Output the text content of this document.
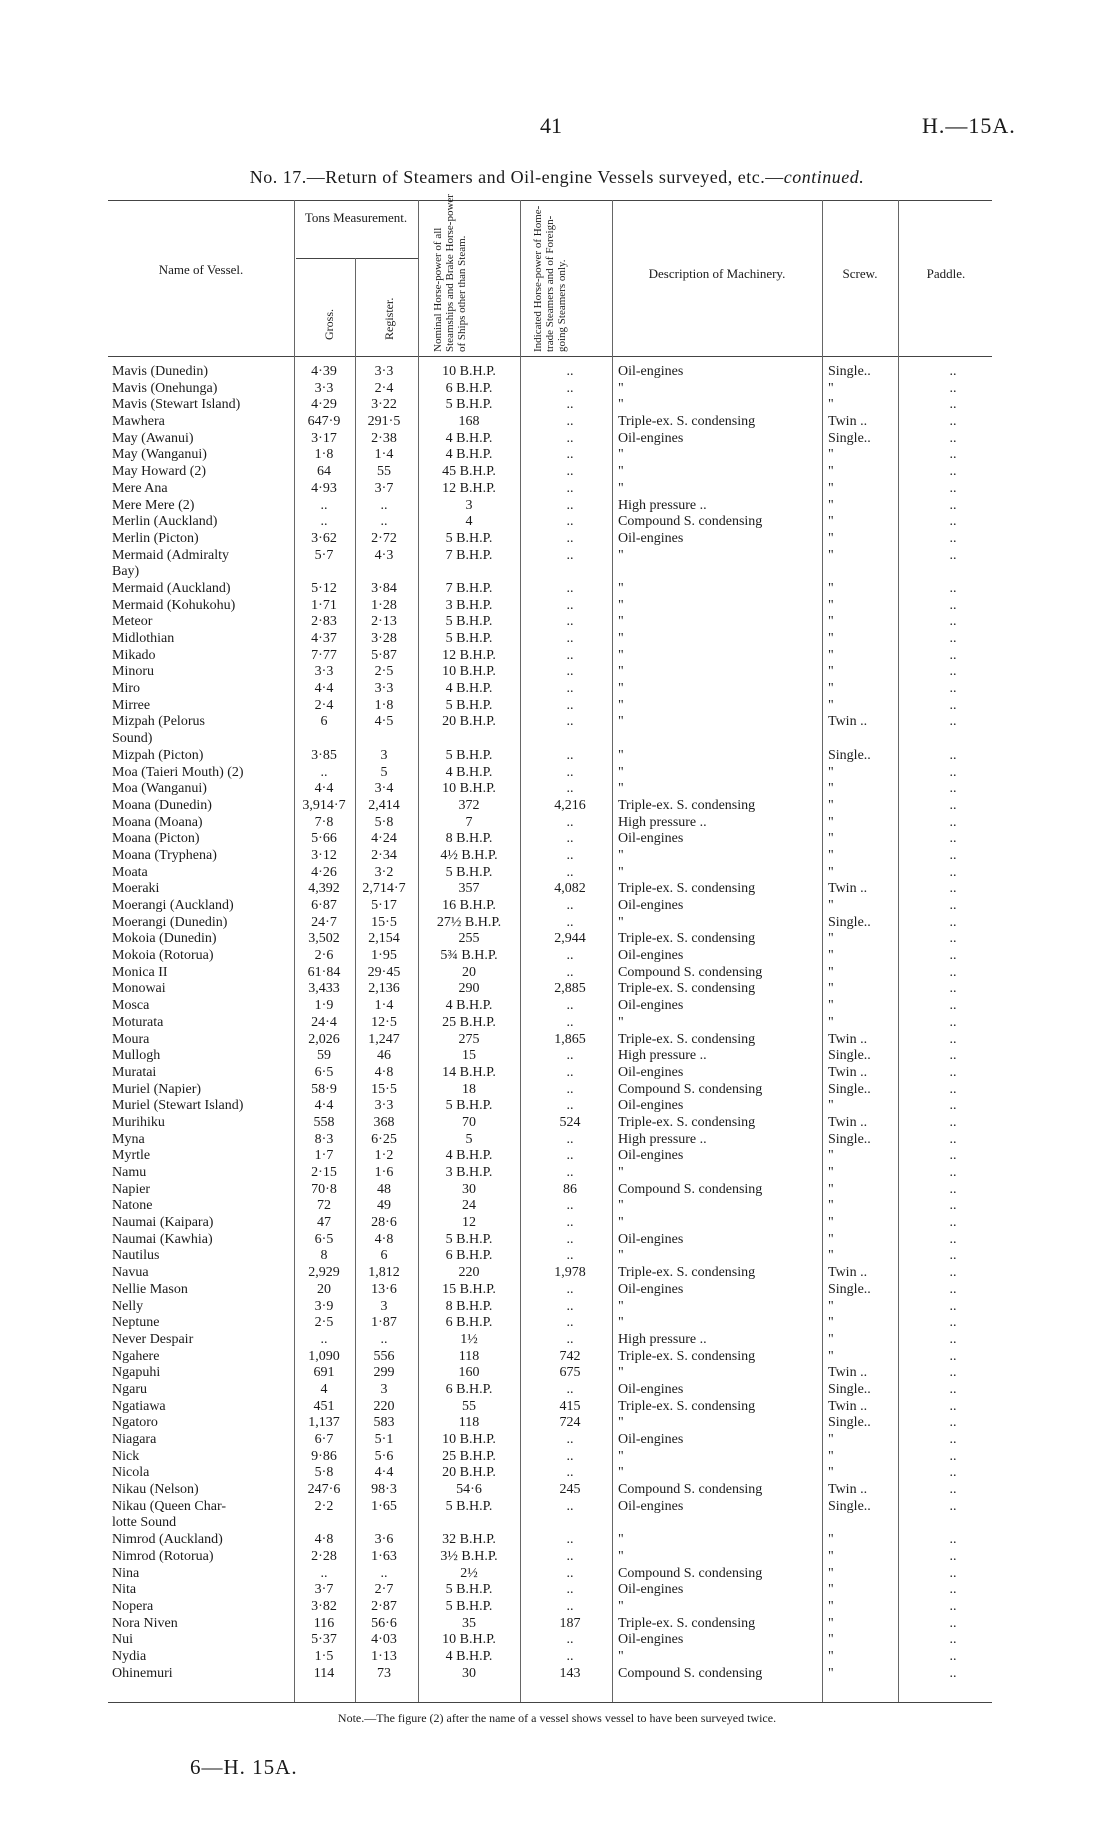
41	H.—15A.
No. 17.—Return of Steamers and Oil-engine Vessels surveyed, etc.—continued.
Name of Vessel.
Tons Measurement.
Gross.	Register.	Nominal Horse-power of all Steamships and Brake Horse-power of Ships other than Steam.	Indicated Horse-power of Home-trade Steamers and of Foreign-going Steamers only.	Description of Machinery.	Screw.	Paddle.
Mavis (Dunedin)	4·39	3·3	10 B.H.P.	..	Oil-engines	Single..	..
Mavis (Onehunga)	3·3	2·4	6 B.H.P.	..	"	"	..
Mavis (Stewart Island)	4·29	3·22	5 B.H.P.	..	"	"	..
Mawhera	647·9	291·5	168	..	Triple-ex. S. condensing	Twin ..	..
May (Awanui)	3·17	2·38	4 B.H.P.	..	Oil-engines	Single..	..
May (Wanganui)	1·8	1·4	4 B.H.P.	..	"	"	..
May Howard (2)	64	55	45 B.H.P.	..	"	"	..
Mere Ana	4·93	3·7	12 B.H.P.	..	"	"	..
Mere Mere (2)	..	..	3	..	High pressure ..	"	..
Merlin (Auckland)	..	..	4	..	Compound S. condensing	"	..
Merlin (Picton)	3·62	2·72	5 B.H.P.	..	Oil-engines	"	..
Mermaid (Admiralty	5·7	4·3	7 B.H.P.	..	"	"	..
Bay)
Mermaid (Auckland)	5·12	3·84	7 B.H.P.	..	"	"	..
Mermaid (Kohukohu)	1·71	1·28	3 B.H.P.	..	"	"	..
Meteor	2·83	2·13	5 B.H.P.	..	"	"	..
Midlothian	4·37	3·28	5 B.H.P.	..	"	"	..
Mikado	7·77	5·87	12 B.H.P.	..	"	"	..
Minoru	3·3	2·5	10 B.H.P.	..	"	"	..
Miro	4·4	3·3	4 B.H.P.	..	"	"	..
Mirree	2·4	1·8	5 B.H.P.	..	"	"	..
Mizpah (Pelorus	6	4·5	20 B.H.P.	..	"	Twin ..	..
Sound)
Mizpah (Picton)	3·85	3	5 B.H.P.	..	"	Single..	..
Moa (Taieri Mouth) (2)	..	5	4 B.H.P.	..	"	"	..
Moa (Wanganui)	4·4	3·4	10 B.H.P.	..	"	"	..
Moana (Dunedin)	3,914·7	2,414	372	4,216	Triple-ex. S. condensing	"	..
Moana (Moana)	7·8	5·8	7	..	High pressure ..	"	..
Moana (Picton)	5·66	4·24	8 B.H.P.	..	Oil-engines	"	..
Moana (Tryphena)	3·12	2·34	4½ B.H.P.	..	"	"	..
Moata	4·26	3·2	5 B.H.P.	..	"	"	..
Moeraki	4,392	2,714·7	357	4,082	Triple-ex. S. condensing	Twin ..	..
Moerangi (Auckland)	6·87	5·17	16 B.H.P.	..	Oil-engines	"	..
Moerangi (Dunedin)	24·7	15·5	27½ B.H.P.	..	"	Single..	..
Mokoia (Dunedin)	3,502	2,154	255	2,944	Triple-ex. S. condensing	"	..
Mokoia (Rotorua)	2·6	1·95	5¾ B.H.P.	..	Oil-engines	"	..
Monica II	61·84	29·45	20	..	Compound S. condensing	"	..
Monowai	3,433	2,136	290	2,885	Triple-ex. S. condensing	"	..
Mosca	1·9	1·4	4 B.H.P.	..	Oil-engines	"	..
Moturata	24·4	12·5	25 B.H.P.	..	"	"	..
Moura	2,026	1,247	275	1,865	Triple-ex. S. condensing	Twin ..	..
Mullogh	59	46	15	..	High pressure ..	Single..	..
Muratai	6·5	4·8	14 B.H.P.	..	Oil-engines	Twin ..	..
Muriel (Napier)	58·9	15·5	18	..	Compound S. condensing	Single..	..
Muriel (Stewart Island)	4·4	3·3	5 B.H.P.	..	Oil-engines	"	..
Murihiku	558	368	70	524	Triple-ex. S. condensing	Twin ..	..
Myna	8·3	6·25	5	..	High pressure ..	Single..	..
Myrtle	1·7	1·2	4 B.H.P.	..	Oil-engines	"	..
Namu	2·15	1·6	3 B.H.P.	..	"	"	..
Napier	70·8	48	30	86	Compound S. condensing	"	..
Natone	72	49	24	..	"	"	..
Naumai (Kaipara)	47	28·6	12	..	"	"	..
Naumai (Kawhia)	6·5	4·8	5 B.H.P.	..	Oil-engines	"	..
Nautilus	8	6	6 B.H.P.	..	"	"	..
Navua	2,929	1,812	220	1,978	Triple-ex. S. condensing	Twin ..	..
Nellie Mason	20	13·6	15 B.H.P.	..	Oil-engines	Single..	..
Nelly	3·9	3	8 B.H.P.	..	"	"	..
Neptune	2·5	1·87	6 B.H.P.	..	"	"	..
Never Despair	..	..	1½	..	High pressure ..	"	..
Ngahere	1,090	556	118	742	Triple-ex. S. condensing	"	..
Ngapuhi	691	299	160	675	"	Twin ..	..
Ngaru	4	3	6 B.H.P.	..	Oil-engines	Single..	..
Ngatiawa	451	220	55	415	Triple-ex. S. condensing	Twin ..	..
Ngatoro	1,137	583	118	724	"	Single..	..
Niagara	6·7	5·1	10 B.H.P.	..	Oil-engines	"	..
Nick	9·86	5·6	25 B.H.P.	..	"	"	..
Nicola	5·8	4·4	20 B.H.P.	..	"	"	..
Nikau (Nelson)	247·6	98·3	54·6	245	Compound S. condensing	Twin ..	..
Nikau (Queen Char-	2·2	1·65	5 B.H.P.	..	Oil-engines	Single..	..
lotte Sound
Nimrod (Auckland)	4·8	3·6	32 B.H.P.	..	"	"	..
Nimrod (Rotorua)	2·28	1·63	3½ B.H.P.	..	"	"	..
Nina	..	..	2½	..	Compound S. condensing	"	..
Nita	3·7	2·7	5 B.H.P.	..	Oil-engines	"	..
Nopera	3·82	2·87	5 B.H.P.	..	"	"	..
Nora Niven	116	56·6	35	187	Triple-ex. S. condensing	"	..
Nui	5·37	4·03	10 B.H.P.	..	Oil-engines	"	..
Nydia	1·5	1·13	4 B.H.P.	..	"	"	..
Ohinemuri	114	73	30	143	Compound S. condensing	"	..
Note.—The figure (2) after the name of a vessel shows vessel to have been surveyed twice.
6—H. 15A.
